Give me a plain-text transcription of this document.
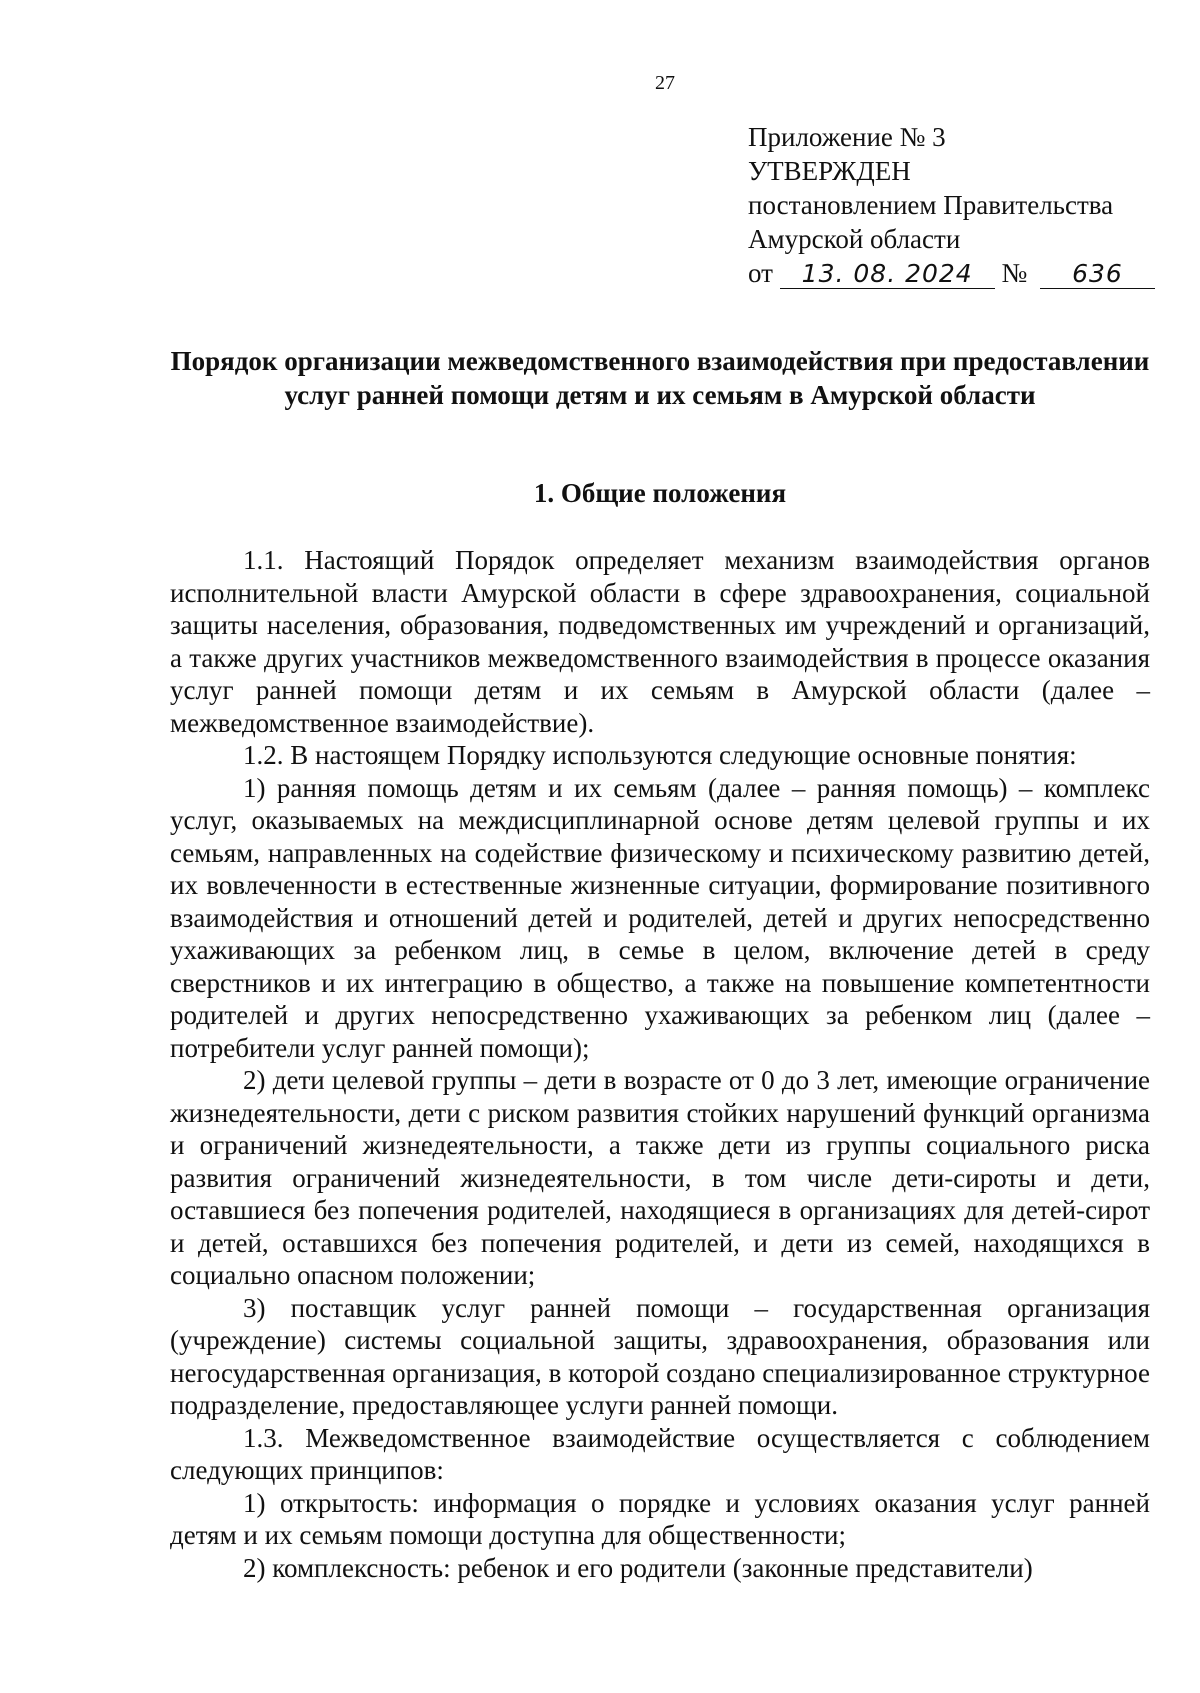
27
Приложение № 3
УТВЕРЖДЕН
постановлением Правительства
Амурской области
от 13. 08. 2024 № 636
Порядок организации межведомственного взаимодействия при предоставлении услуг ранней помощи детям и их семьям в Амурской области
1. Общие положения

1.1. Настоящий Порядок определяет механизм взаимодействия органов исполнительной власти Амурской области в сфере здравоохранения, социальной защиты населения, образования, подведомственных им учреждений и организаций, а также других участников межведомственного взаимодействия в процессе оказания услуг ранней помощи детям и их семьям в Амурской области (далее – межведомственное взаимодействие).

1.2. В настоящем Порядку используются следующие основные понятия:

1) ранняя помощь детям и их семьям (далее – ранняя помощь) – комплекс услуг, оказываемых на междисциплинарной основе детям целевой группы и их семьям, направленных на содействие физическому и психическому развитию детей, их вовлеченности в естественные жизненные ситуации, формирование позитивного взаимодействия и отношений детей и родителей, детей и других непосредственно ухаживающих за ребенком лиц, в семье в целом, включение детей в среду сверстников и их интеграцию в общество, а также на повышение компетентности родителей и других непосредственно ухаживающих за ребенком лиц (далее – потребители услуг ранней помощи);

2) дети целевой группы – дети в возрасте от 0 до 3 лет, имеющие ограничение жизнедеятельности, дети с риском развития стойких нарушений функций организма и ограничений жизнедеятельности, а также дети из группы социального риска развития ограничений жизнедеятельности, в том числе дети-сироты и дети, оставшиеся без попечения родителей, находящиеся в организациях для детей-сирот и детей, оставшихся без попечения родителей, и дети из семей, находящихся в социально опасном положении;

3) поставщик услуг ранней помощи – государственная организация (учреждение) системы социальной защиты, здравоохранения, образования или негосударственная организация, в которой создано специализированное структурное подразделение, предоставляющее услуги ранней помощи.

1.3. Межведомственное взаимодействие осуществляется с соблюдением следующих принципов:

1) открытость: информация о порядке и условиях оказания услуг ранней детям и их семьям помощи доступна для общественности;

2) комплексность: ребенок и его родители (законные представители)
